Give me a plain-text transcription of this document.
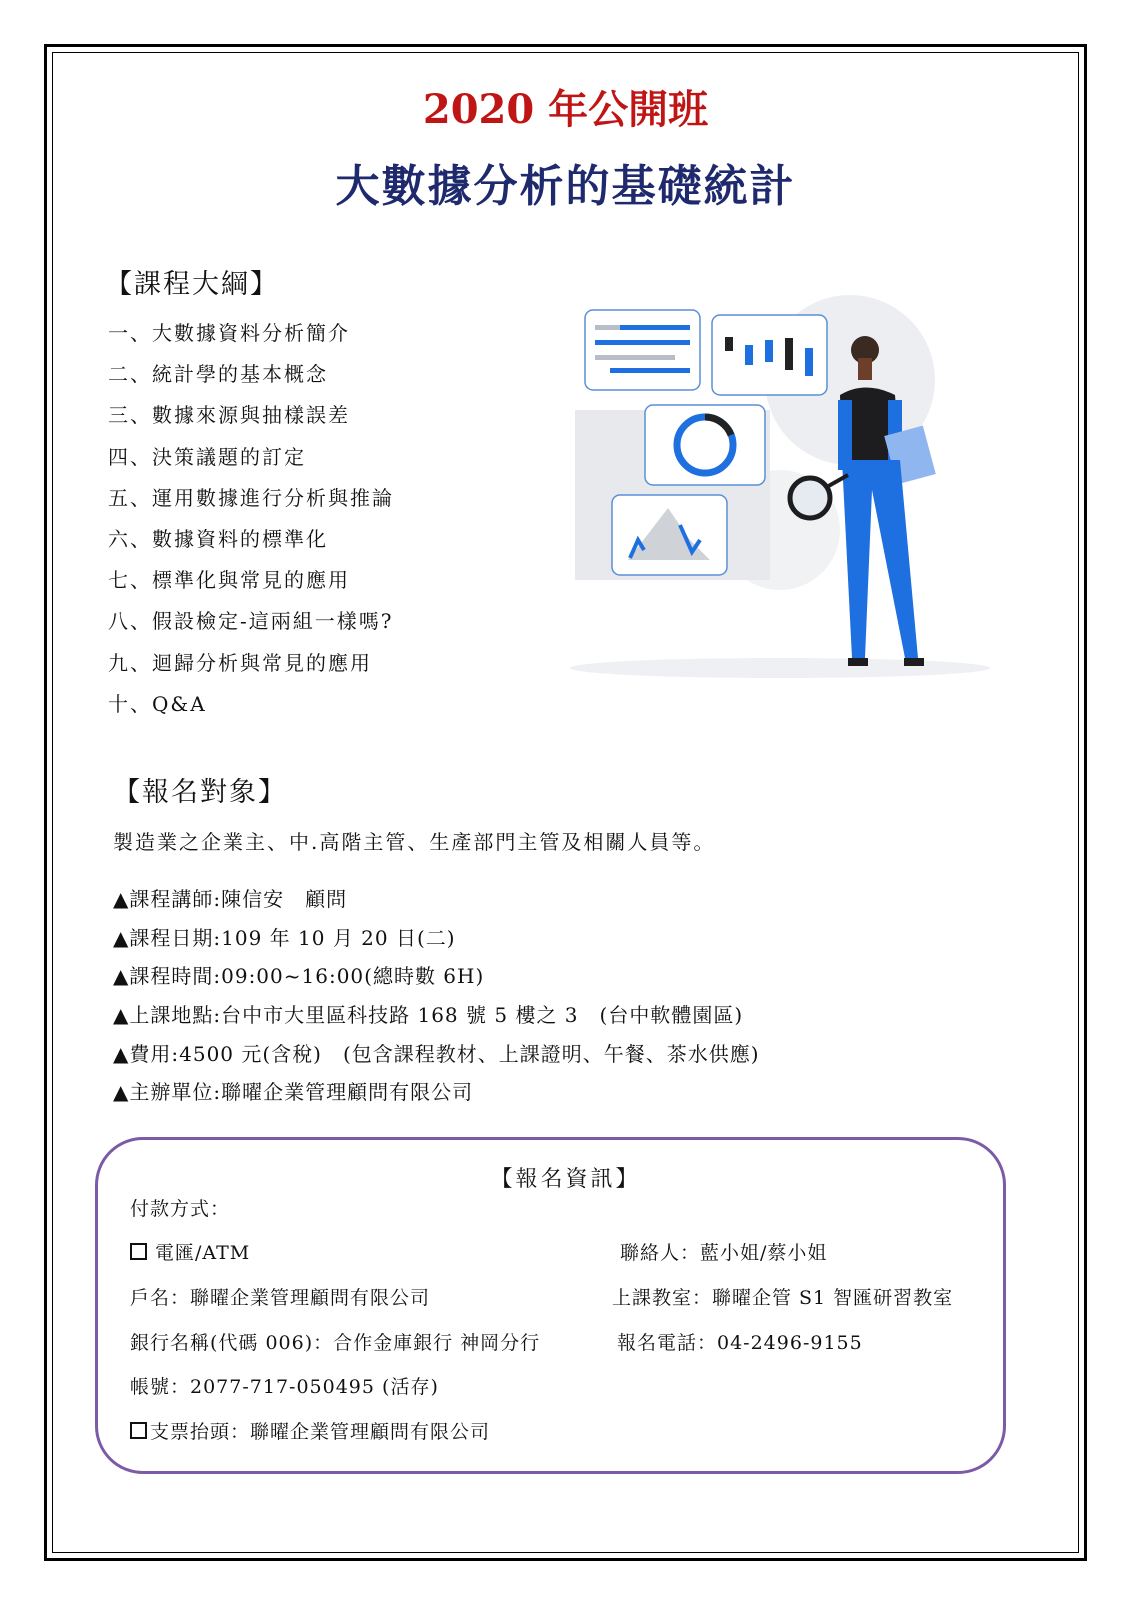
2020 年公開班
大數據分析的基礎統計
【課程大綱】
一、大數據資料分析簡介
二、統計學的基本概念
三、數據來源與抽樣誤差
四、決策議題的訂定
五、運用數據進行分析與推論
六、數據資料的標準化
七、標準化與常見的應用
八、假設檢定-這兩組一樣嗎?
九、迴歸分析與常見的應用
十、Q&A
【報名對象】
製造業之企業主、中.高階主管、生產部門主管及相關人員等。
▲課程講師:陳信安　顧問
▲課程日期:109 年 10 月 20 日(二)
▲課程時間:09:00~16:00(總時數 6H)
▲上課地點:台中市大里區科技路 168 號 5 樓之 3　(台中軟體園區)
▲費用:4500 元(含稅)　(包含課程教材、上課證明、午餐、茶水供應)
▲主辦單位:聯曜企業管理顧問有限公司
【報名資訊】
付款方式：
電匯/ATM
戶名：聯曜企業管理顧問有限公司
銀行名稱(代碼 006)：合作金庫銀行 神岡分行
帳號：2077-717-050495 (活存)
支票抬頭：聯曜企業管理顧問有限公司
聯絡人：藍小姐/蔡小姐
上課教室：聯曜企管 S1 智匯研習教室
報名電話：04-2496-9155
